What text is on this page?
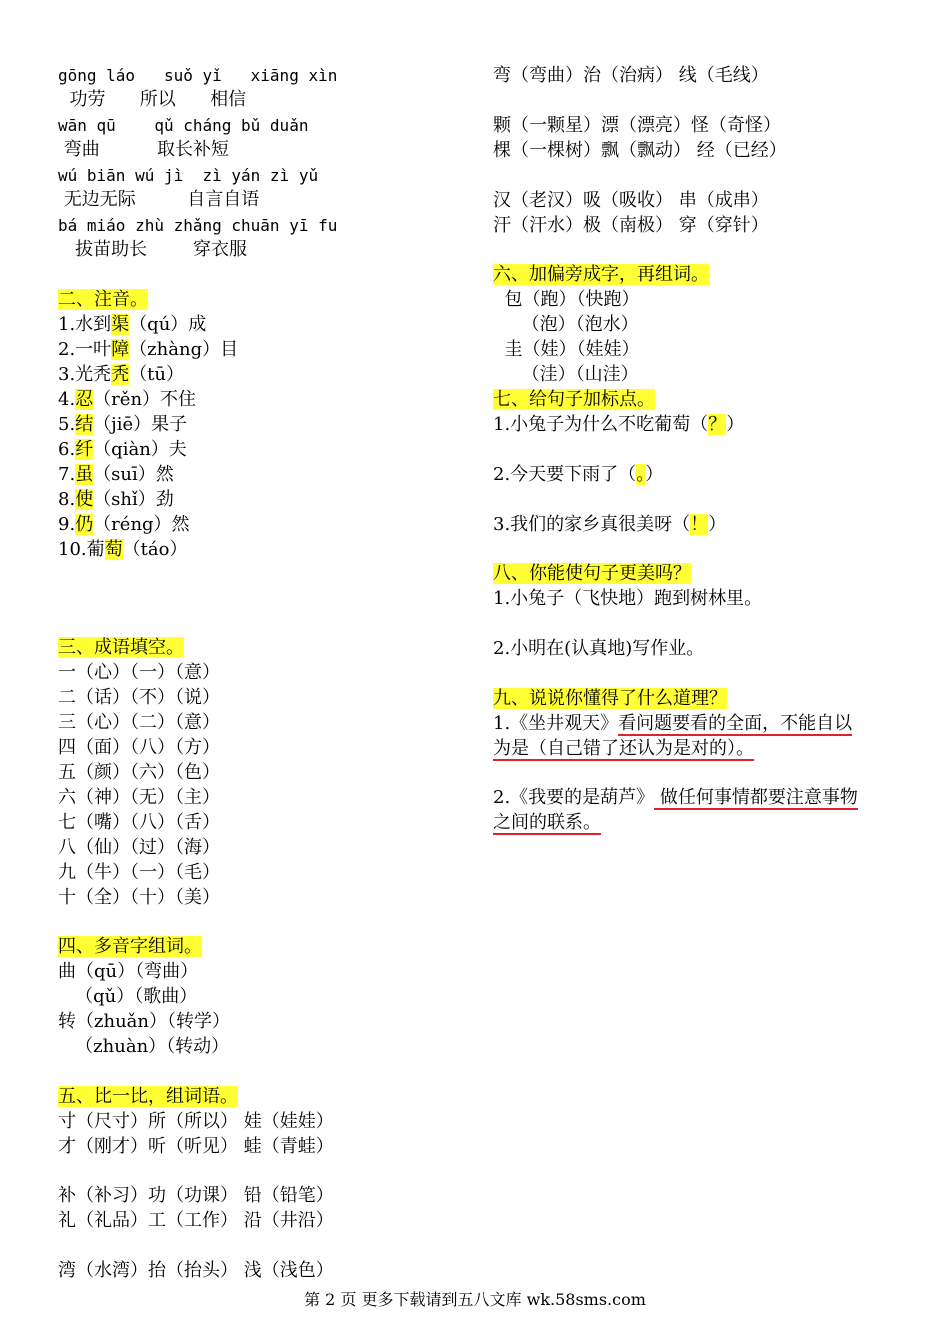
gōng láo   suǒ yǐ   xiāng xìn
功劳      所以      相信
wān qū    qǔ cháng bǔ duǎn
弯曲          取长补短
wú biān wú jì  zì yán zì yǔ
无边无际         自言自语
bá miáo zhù zhǎng chuān yī fu
拔苗助长        穿衣服
二、注音。
1.水到渠（qú）成
2.一叶障（zhàng）目
3.光秃秃（tū）
4.忍（rěn）不住
5.结（jiē）果子
6.纤（qiàn）夫
7.虽（suī）然
8.使（shǐ）劲
9.仍（réng）然
10.葡萄（táo）
三、成语填空。
一（心）（一）（意）
二（话）（不）（说）
三（心）（二）（意）
四（面）（八）（方）
五（颜）（六）（色）
六（神）（无）（主）
七（嘴）（八）（舌）
八（仙）（过）（海）
九（牛）（一）（毛）
十（全）（十）（美）
四、多音字组词。
曲（qū）（弯曲）
（qǔ）（歌曲）
转（zhuǎn）（转学）
（zhuàn）（转动）
五、比一比，组词语。
寸（尺寸）所（所以） 娃（娃娃）
才（刚才）听（听见） 蛙（青蛙）
补（补习）功（功课） 铅（铅笔）
礼（礼品）工（工作） 沿（井沿）
湾（水湾）抬（抬头） 浅（浅色）
弯（弯曲）治（治病） 线（毛线）
颗（一颗星）漂（漂亮）怪（奇怪）
棵（一棵树）飘（飘动） 经（已经）
汉（老汉）吸（吸收） 串（成串）
汗（汗水）极（南极） 穿（穿针）
六、加偏旁成字，再组词。
包（跑）（快跑）
（泡）（泡水）
圭（娃）（娃娃）
（洼）（山洼）
七、给句子加标点。
1.小兔子为什么不吃葡萄（？）
2.今天要下雨了（。）
3.我们的家乡真很美呀（！）
八、你能使句子更美吗？
1.小兔子（飞快地）跑到树林里。
2.小明在(认真地)写作业。
九、说说你懂得了什么道理？
1.《坐井观天》看问题要看的全面，不能自以
为是（自己错了还认为是对的）。
2.《我要的是葫芦》 做任何事情都要注意事物
之间的联系。
第 2 页 更多下载请到五八文库 wk.58sms.com
